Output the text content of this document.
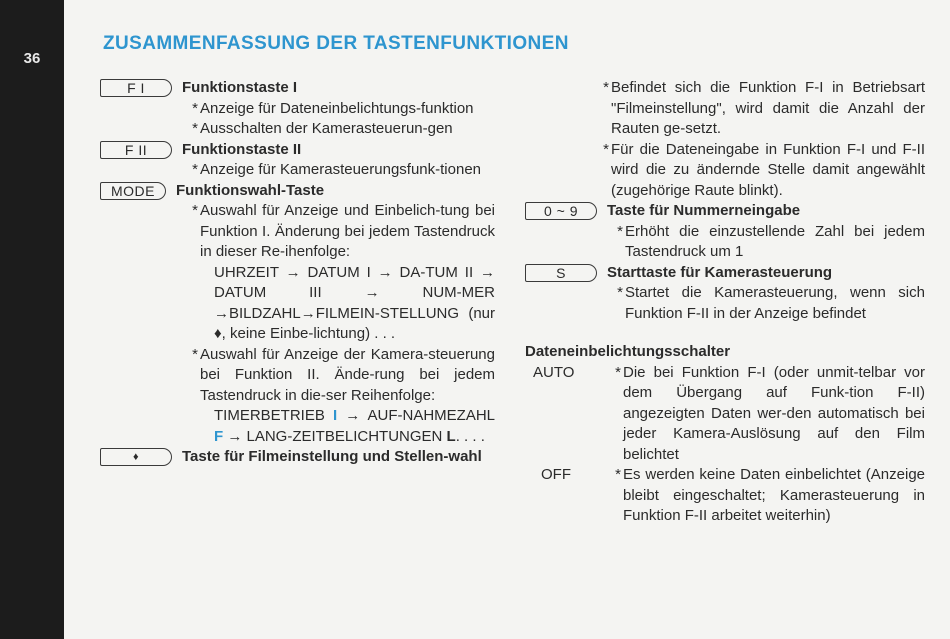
36
ZUSAMMENFASSUNG DER TASTENFUNKTIONEN
F I	Funktionstaste I
* Anzeige für Dateneinbelichtungs-funktion
* Ausschalten der Kamerasteuerun-gen
F II	Funktionstaste II
* Anzeige für Kamerasteuerungsfunk-tionen
MODE	Funktionswahl-Taste
* Auswahl für Anzeige und Einbelich-tung bei Funktion I. Änderung bei jedem Tastendruck in dieser Re-ihenfolge:
UHRZEIT → DATUM I → DA-TUM II → DATUM III → NUM-MER →BILDZAHL→FILMEIN-STELLUNG (nur ♦, keine Einbe-lichtung) . . .
* Auswahl für Anzeige der Kamera-steuerung bei Funktion II. Ände-rung bei jedem Tastendruck in die-ser Reihenfolge:
TIMERBETRIEB I → AUF-NAHMEZAHL F → LANG-ZEITBELICHTUNGEN L. . . .
♦	Taste für Filmeinstellung und Stellen-wahl
* Befindet sich die Funktion F-I in Betriebsart "Filmeinstellung", wird damit die Anzahl der Rauten ge-setzt.
* Für die Dateneingabe in Funktion F-I und F-II wird die zu ändernde Stelle damit angewählt (zugehörige Raute blinkt).
0 ~ 9	Taste für Nummerneingabe
* Erhöht die einzustellende Zahl bei jedem Tastendruck um 1
S	Starttaste für Kamerasteuerung
* Startet die Kamerasteuerung, wenn sich Funktion F-II in der Anzeige befindet
Dateneinbelichtungsschalter
AUTO	* Die bei Funktion F-I (oder unmit-telbar vor dem Übergang auf Funk-tion F-II) angezeigten Daten wer-den automatisch bei jeder Kamera-Auslösung auf den Film belichtet
OFF	* Es werden keine Daten einbelichtet (Anzeige bleibt eingeschaltet; Kamerasteuerung in Funktion F-II arbeitet weiterhin)
